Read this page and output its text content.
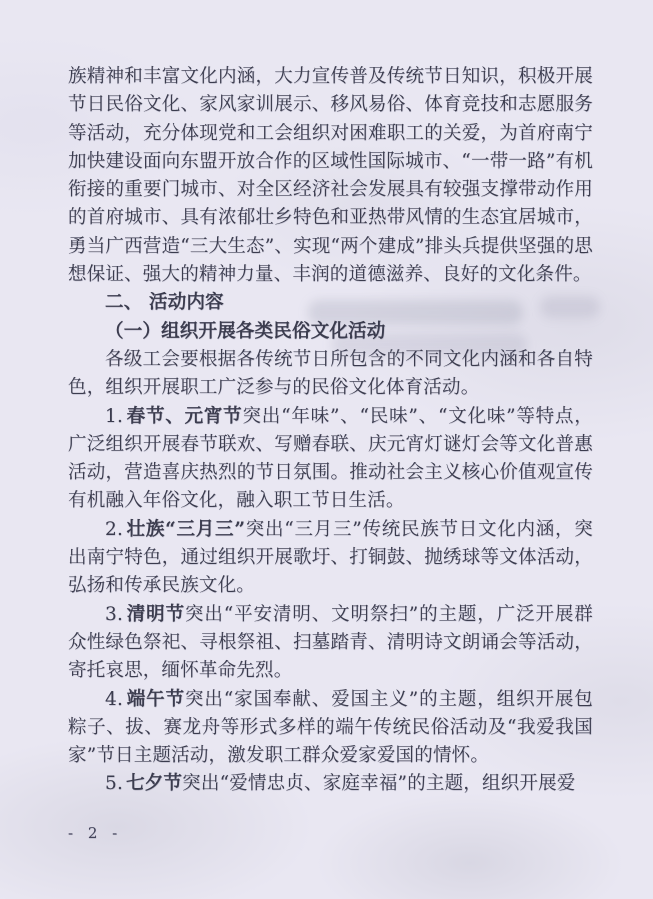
族精神和丰富文化内涵，大力宣传普及传统节日知识，积极开展节日民俗文化、家风家训展示、移风易俗、体育竞技和志愿服务等活动，充分体现党和工会组织对困难职工的关爱，为首府南宁加快建设面向东盟开放合作的区域性国际城市、“一带一路”有机衔接的重要门城市、对全区经济社会发展具有较强支撑带动作用的首府城市、具有浓郁壮乡特色和亚热带风情的生态宜居城市，勇当广西营造“三大生态”、实现“两个建成”排头兵提供坚强的思想保证、强大的精神力量、丰润的道德滋养、良好的文化条件。

二、 活动内容

（一）组织开展各类民俗文化活动

各级工会要根据各传统节日所包含的不同文化内涵和各自特色，组织开展职工广泛参与的民俗文化体育活动。

1. 春节、元宵节突出“年味”、“民味”、“文化味”等特点，广泛组织开展春节联欢、写赠春联、庆元宵灯谜灯会等文化普惠活动，营造喜庆热烈的节日氛围。推动社会主义核心价值观宣传有机融入年俗文化，融入职工节日生活。

2. 壮族“三月三”突出“三月三”传统民族节日文化内涵，突出南宁特色，通过组织开展歌圩、打铜鼓、抛绣球等文体活动，弘扬和传承民族文化。

3. 清明节突出“平安清明、文明祭扫”的主题，广泛开展群众性绿色祭祀、寻根祭祖、扫墓踏青、清明诗文朗诵会等活动，寄托哀思，缅怀革命先烈。

4. 端午节突出“家国奉献、爱国主义”的主题，组织开展包粽子、拔、赛龙舟等形式多样的端午传统民俗活动及“我爱我国家”节日主题活动，激发职工群众爱家爱国的情怀。

5. 七夕节突出“爱情忠贞、家庭幸福”的主题，组织开展爱

- 2 -
